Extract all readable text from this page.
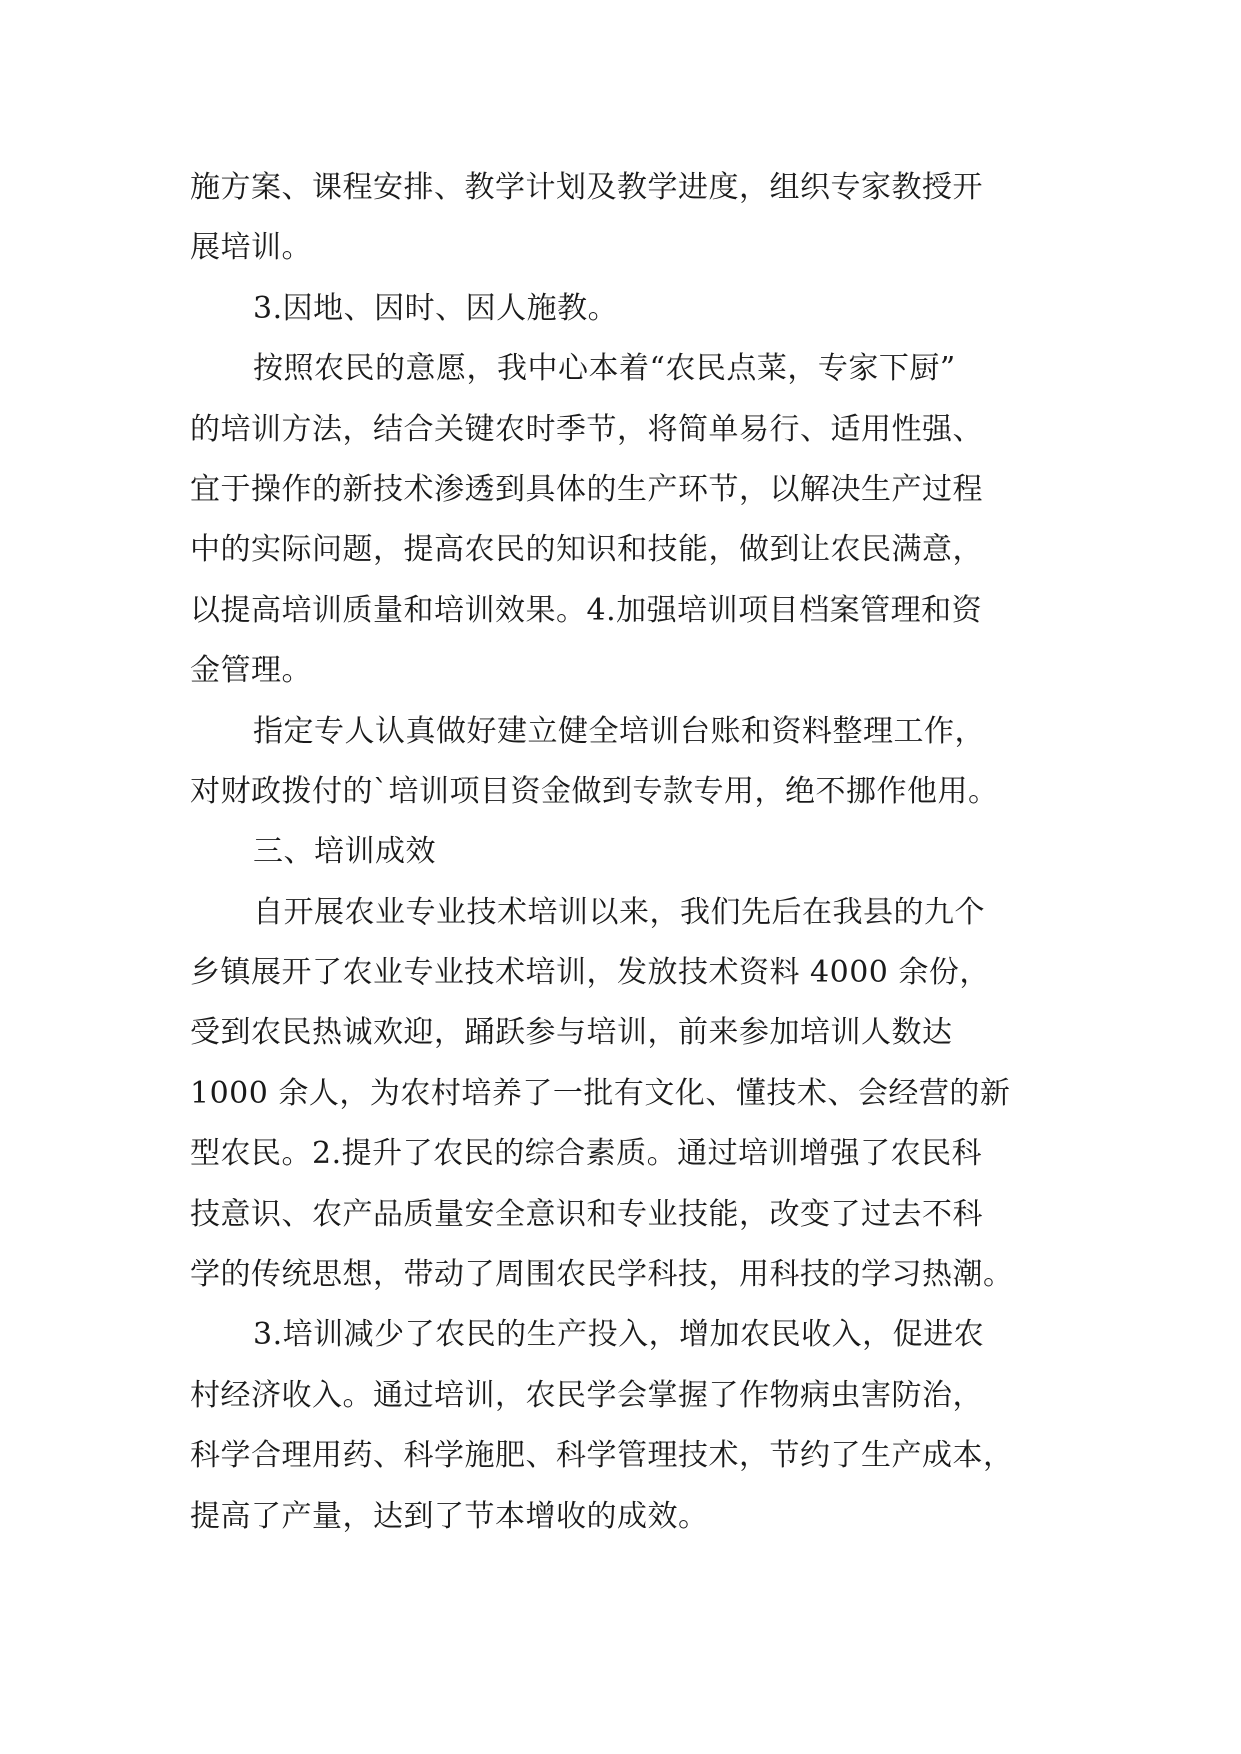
施方案、课程安排、教学计划及教学进度，组织专家教授开
展培训。
3.因地、因时、因人施教。
按照农民的意愿，我中心本着“农民点菜，专家下厨”
的培训方法，结合关键农时季节，将简单易行、适用性强、
宜于操作的新技术渗透到具体的生产环节，以解决生产过程
中的实际问题，提高农民的知识和技能，做到让农民满意，
以提高培训质量和培训效果。4.加强培训项目档案管理和资
金管理。
指定专人认真做好建立健全培训台账和资料整理工作，
对财政拨付的`培训项目资金做到专款专用，绝不挪作他用。
三、培训成效
自开展农业专业技术培训以来，我们先后在我县的九个
乡镇展开了农业专业技术培训，发放技术资料 4000 余份，
受到农民热诚欢迎，踊跃参与培训，前来参加培训人数达
1000 余人，为农村培养了一批有文化、懂技术、会经营的新
型农民。2.提升了农民的综合素质。通过培训增强了农民科
技意识、农产品质量安全意识和专业技能，改变了过去不科
学的传统思想，带动了周围农民学科技，用科技的学习热潮。
3.培训减少了农民的生产投入，增加农民收入，促进农
村经济收入。通过培训，农民学会掌握了作物病虫害防治，
科学合理用药、科学施肥、科学管理技术，节约了生产成本，
提高了产量，达到了节本增收的成效。
